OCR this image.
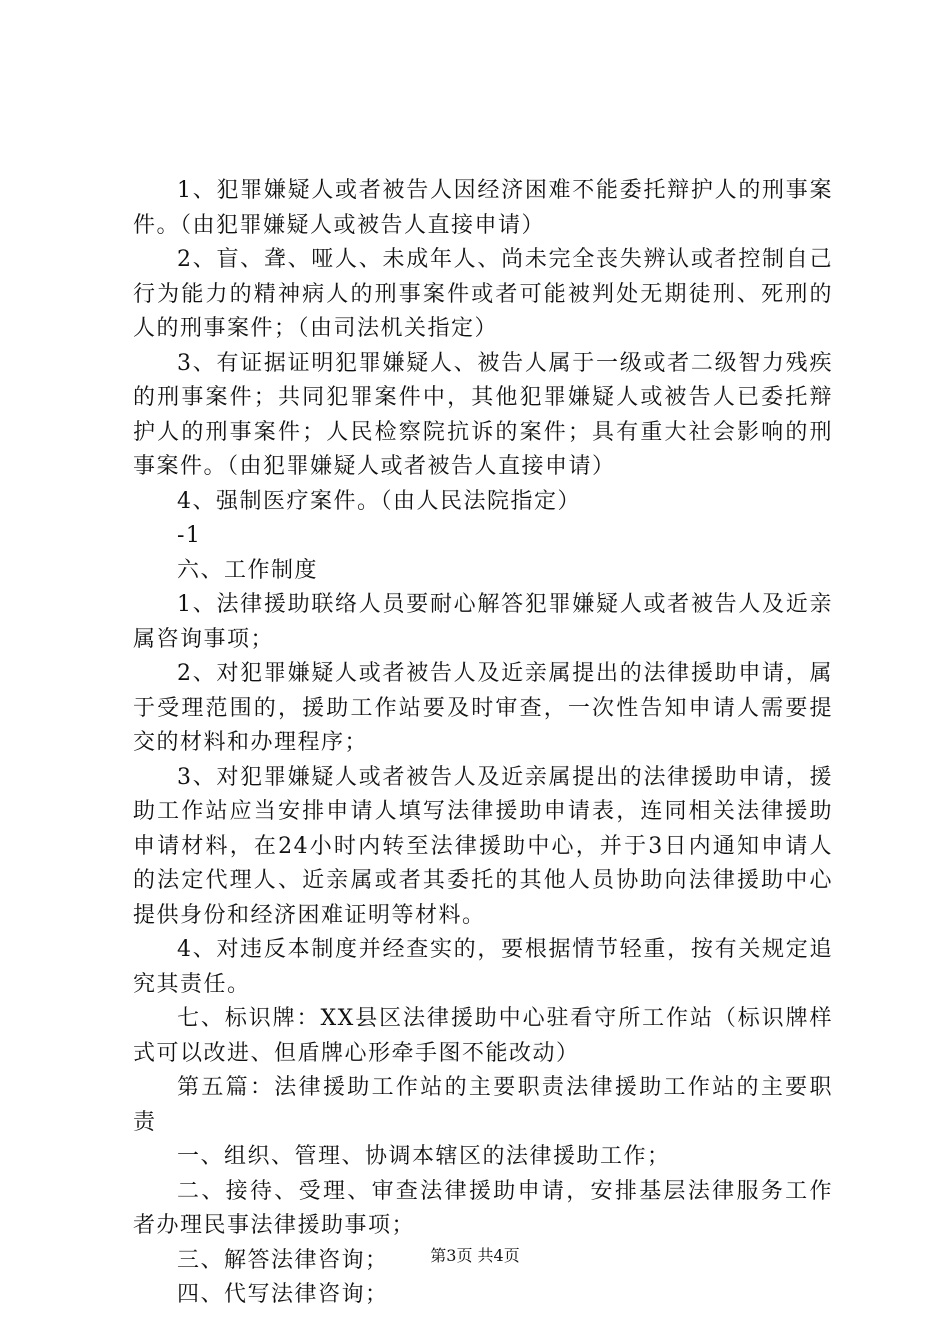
1、犯罪嫌疑人或者被告人因经济困难不能委托辩护人的刑事案件。（由犯罪嫌疑人或被告人直接申请）

2、盲、聋、哑人、未成年人、尚未完全丧失辨认或者控制自己行为能力的精神病人的刑事案件或者可能被判处无期徒刑、死刑的人的刑事案件；（由司法机关指定）

3、有证据证明犯罪嫌疑人、被告人属于一级或者二级智力残疾的刑事案件；共同犯罪案件中，其他犯罪嫌疑人或被告人已委托辩护人的刑事案件；人民检察院抗诉的案件；具有重大社会影响的刑事案件。（由犯罪嫌疑人或者被告人直接申请）

4、强制医疗案件。（由人民法院指定）

-1

六、工作制度

1、法律援助联络人员要耐心解答犯罪嫌疑人或者被告人及近亲属咨询事项；

2、对犯罪嫌疑人或者被告人及近亲属提出的法律援助申请，属于受理范围的，援助工作站要及时审查，一次性告知申请人需要提交的材料和办理程序；

3、对犯罪嫌疑人或者被告人及近亲属提出的法律援助申请，援助工作站应当安排申请人填写法律援助申请表，连同相关法律援助申请材料，在24小时内转至法律援助中心，并于3日内通知申请人的法定代理人、近亲属或者其委托的其他人员协助向法律援助中心提供身份和经济困难证明等材料。

4、对违反本制度并经查实的，要根据情节轻重，按有关规定追究其责任。

七、标识牌：XX县区法律援助中心驻看守所工作站（标识牌样式可以改进、但盾牌心形牵手图不能改动）

第五篇：法律援助工作站的主要职责法律援助工作站的主要职责

一、组织、管理、协调本辖区的法律援助工作；

二、接待、受理、审查法律援助申请，安排基层法律服务工作者办理民事法律援助事项；

三、解答法律咨询；

四、代写法律咨询；

第3页 共4页
